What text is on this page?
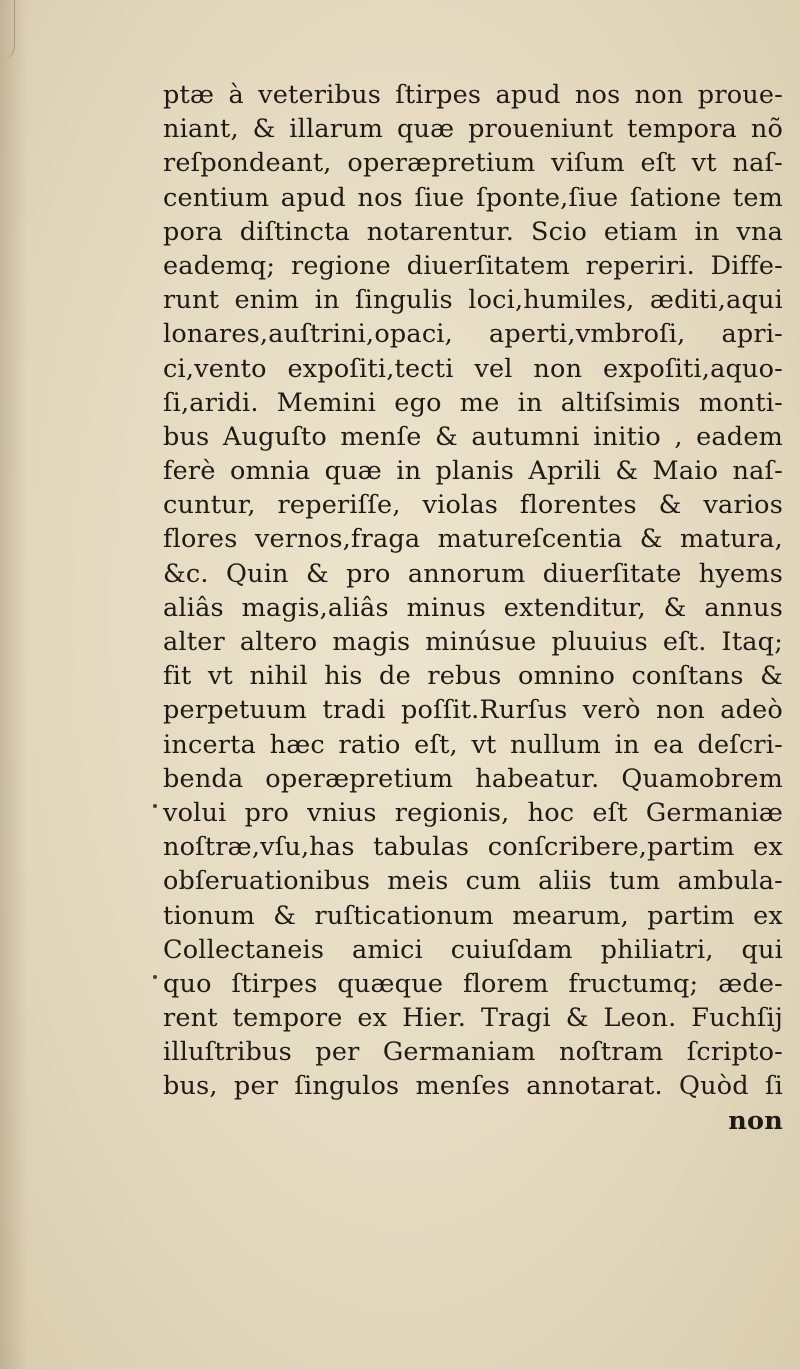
ptæ à veteribus ſtirpes apud nos non proue-
niant, & illarum quæ proueniunt tempora nõ
reſpondeant, operæpretium viſum eſt vt naſ-
centium apud nos ſiue ſponte,ſiue ſatione tem
pora diſtincta notarentur. Scio etiam in vna
eademq; regione diuerſitatem reperiri. Diffe-
runt enim in ſingulis loci,humiles, æditi,aqui
lonares,auſtrini,opaci, aperti,vmbroſi, apri-
ci,vento expoſiti,tecti vel non expoſiti,aquo-
ſi,aridi. Memini ego me in altiſsimis monti-
bus Auguſto menſe & autumni initio , eadem
ferè omnia quæ in planis Aprili & Maio naſ-
cuntur, reperiſſe, violas florentes & varios
flores vernos,fraga matureſcentia & matura,
&c. Quin & pro annorum diuerſitate hyems
aliâs magis,aliâs minus extenditur, & annus
alter altero magis minúsue pluuius eſt. Itaq;
fit vt nihil his de rebus omnino conſtans &
perpetuum tradi poſſit.Rurſus verò non adeò
incerta hæc ratio eſt, vt nullum in ea deſcri-
benda operæpretium habeatur. Quamobrem
volui pro vnius regionis, hoc eſt Germaniæ
noſtræ,vſu,has tabulas conſcribere,partim ex
obſeruationibus meis cum aliis tum ambula-
tionum & ruſticationum mearum, partim ex
Collectaneis amici cuiuſdam philiatri, qui
quo ſtirpes quæque florem fructumq; æde-
rent tempore ex Hier. Tragi & Leon. Fuchſij
illuſtribus per Germaniam noſtram ſcripto-
bus, per ſingulos menſes annotarat. Quòd ſi
non
